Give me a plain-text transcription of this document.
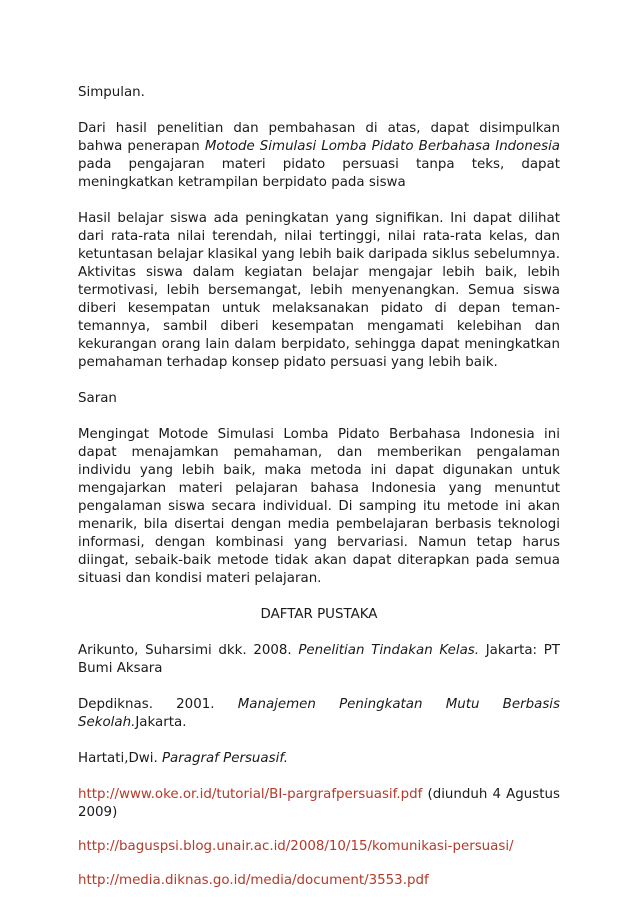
Simpulan.

Dari hasil penelitian dan pembahasan di atas, dapat disimpulkan bahwa penerapan Motode Simulasi Lomba Pidato Berbahasa Indonesia pada pengajaran materi pidato persuasi tanpa teks, dapat meningkatkan ketrampilan berpidato pada siswa

Hasil belajar siswa ada peningkatan yang signifikan. Ini dapat dilihat dari rata-rata nilai terendah, nilai tertinggi, nilai rata-rata kelas, dan ketuntasan belajar klasikal yang lebih baik daripada siklus sebelumnya. Aktivitas siswa dalam kegiatan belajar mengajar lebih baik, lebih termotivasi, lebih bersemangat, lebih menyenangkan. Semua siswa diberi kesempatan untuk melaksanakan pidato di depan teman-temannya, sambil diberi kesempatan mengamati kelebihan dan kekurangan orang lain dalam berpidato, sehingga dapat meningkatkan pemahaman terhadap konsep pidato persuasi yang lebih baik.

Saran

Mengingat Motode Simulasi Lomba Pidato Berbahasa Indonesia ini dapat menajamkan pemahaman, dan memberikan pengalaman individu yang lebih baik, maka metoda ini dapat digunakan untuk mengajarkan materi pelajaran bahasa Indonesia yang menuntut pengalaman siswa secara individual. Di samping itu metode ini akan menarik, bila disertai dengan media pembelajaran berbasis teknologi informasi, dengan kombinasi yang bervariasi. Namun tetap harus diingat, sebaik-baik metode tidak akan dapat diterapkan pada semua situasi dan kondisi materi pelajaran.

DAFTAR PUSTAKA

Arikunto, Suharsimi dkk. 2008. Penelitian Tindakan Kelas. Jakarta: PT Bumi Aksara

Depdiknas. 2001. Manajemen Peningkatan Mutu Berbasis Sekolah.Jakarta.

Hartati,Dwi. Paragraf Persuasif.

http://www.oke.or.id/tutorial/BI-pargrafpersuasif.pdf (diunduh 4 Agustus 2009)

http://baguspsi.blog.unair.ac.id/2008/10/15/komunikasi-persuasi/

http://media.diknas.go.id/media/document/3553.pdf
